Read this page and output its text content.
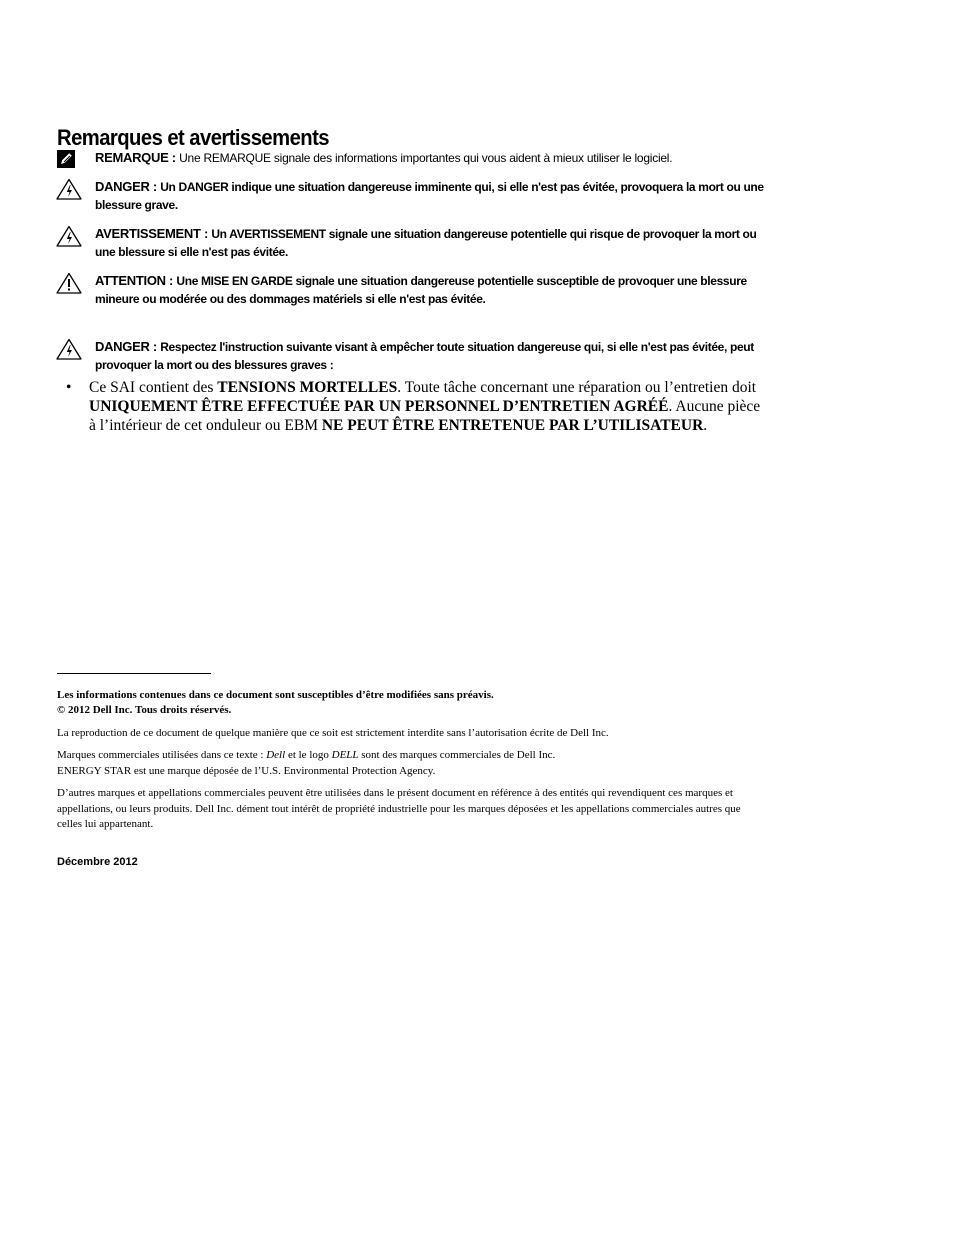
Remarques et avertissements
REMARQUE : Une REMARQUE signale des informations importantes qui vous aident à mieux utiliser le logiciel.
DANGER : Un DANGER indique une situation dangereuse imminente qui, si elle n'est pas évitée, provoquera la mort ou une blessure grave.
AVERTISSEMENT : Un AVERTISSEMENT signale une situation dangereuse potentielle qui risque de provoquer la mort ou une blessure si elle n'est pas évitée.
ATTENTION : Une MISE EN GARDE signale une situation dangereuse potentielle susceptible de provoquer une blessure mineure ou modérée ou des dommages matériels si elle n'est pas évitée.
DANGER : Respectez l'instruction suivante visant à empêcher toute situation dangereuse qui, si elle n'est pas évitée, peut provoquer la mort ou des blessures graves :
• Ce SAI contient des TENSIONS MORTELLES. Toute tâche concernant une réparation ou l’entretien doit UNIQUEMENT ÊTRE EFFECTUÉE PAR UN PERSONNEL D’ENTRETIEN AGRÉÉ. Aucune pièce à l’intérieur de cet onduleur ou EBM NE PEUT ÊTRE ENTRETENUE PAR L’UTILISATEUR.
Les informations contenues dans ce document sont susceptibles d’être modifiées sans préavis.
© 2012 Dell Inc. Tous droits réservés.
La reproduction de ce document de quelque manière que ce soit est strictement interdite sans l’autorisation écrite de Dell Inc.
Marques commerciales utilisées dans ce texte : Dell et le logo DELL sont des marques commerciales de Dell Inc.
ENERGY STAR est une marque déposée de l’U.S. Environmental Protection Agency.
D’autres marques et appellations commerciales peuvent être utilisées dans le présent document en référence à des entités qui revendiquent ces marques et appellations, ou leurs produits. Dell Inc. dément tout intérêt de propriété industrielle pour les marques déposées et les appellations commerciales autres que celles lui appartenant.
Décembre 2012
